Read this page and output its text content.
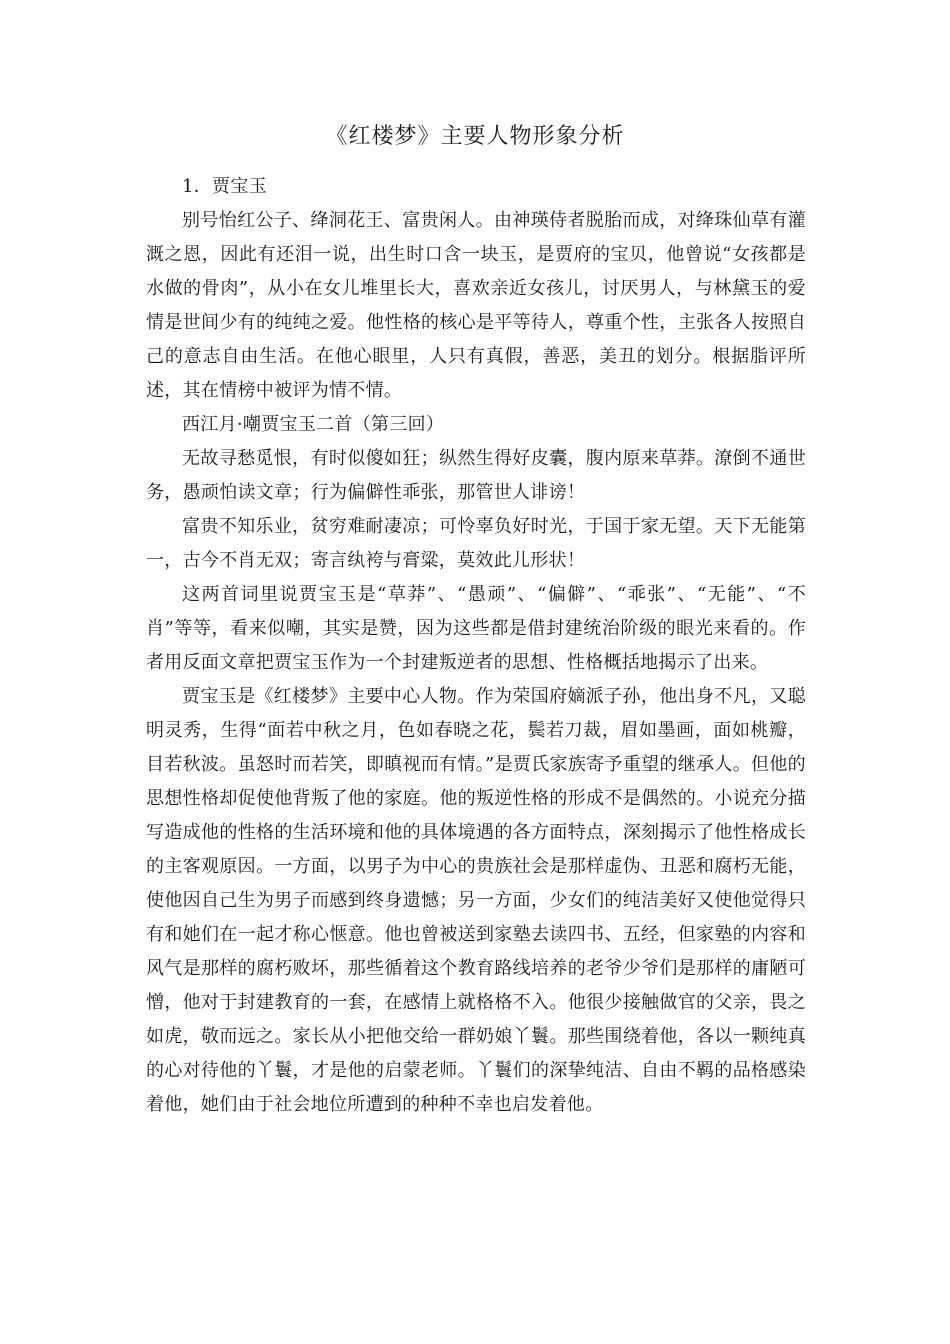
《红楼梦》主要人物形象分析

1．贾宝玉

别号怡红公子、绛洞花王、富贵闲人。由神瑛侍者脱胎而成，对绛珠仙草有灌溉之恩，因此有还泪一说，出生时口含一块玉，是贾府的宝贝，他曾说“女孩都是水做的骨肉”，从小在女儿堆里长大，喜欢亲近女孩儿，讨厌男人，与林黛玉的爱情是世间少有的纯纯之爱。他性格的核心是平等待人，尊重个性，主张各人按照自己的意志自由生活。在他心眼里，人只有真假，善恶，美丑的划分。根据脂评所述，其在情榜中被评为情不情。

西江月·嘲贾宝玉二首（第三回）

无故寻愁觅恨，有时似傻如狂；纵然生得好皮囊，腹内原来草莽。潦倒不通世务，愚顽怕读文章；行为偏僻性乖张，那管世人诽谤！

富贵不知乐业，贫穷难耐凄凉；可怜辜负好时光，于国于家无望。天下无能第一，古今不肖无双；寄言纨袴与膏粱，莫效此儿形状！

这两首词里说贾宝玉是“草莽”、“愚顽”、“偏僻”、“乖张”、“无能”、“不肖”等等，看来似嘲，其实是赞，因为这些都是借封建统治阶级的眼光来看的。作者用反面文章把贾宝玉作为一个封建叛逆者的思想、性格概括地揭示了出来。

贾宝玉是《红楼梦》主要中心人物。作为荣国府嫡派子孙，他出身不凡，又聪明灵秀，生得“面若中秋之月，色如春晓之花，鬓若刀裁，眉如墨画，面如桃瓣，目若秋波。虽怒时而若笑，即瞋视而有情。”是贾氏家族寄予重望的继承人。但他的思想性格却促使他背叛了他的家庭。他的叛逆性格的形成不是偶然的。小说充分描写造成他的性格的生活环境和他的具体境遇的各方面特点，深刻揭示了他性格成长的主客观原因。一方面，以男子为中心的贵族社会是那样虚伪、丑恶和腐朽无能，使他因自己生为男子而感到终身遗憾；另一方面，少女们的纯洁美好又使他觉得只有和她们在一起才称心惬意。他也曾被送到家塾去读四书、五经，但家塾的内容和风气是那样的腐朽败坏，那些循着这个教育路线培养的老爷少爷们是那样的庸陋可憎，他对于封建教育的一套，在感情上就格格不入。他很少接触做官的父亲，畏之如虎，敬而远之。家长从小把他交给一群奶娘丫鬟。那些围绕着他，各以一颗纯真的心对待他的丫鬟，才是他的启蒙老师。丫鬟们的深挚纯洁、自由不羁的品格感染着他，她们由于社会地位所遭到的种种不幸也启发着他。
